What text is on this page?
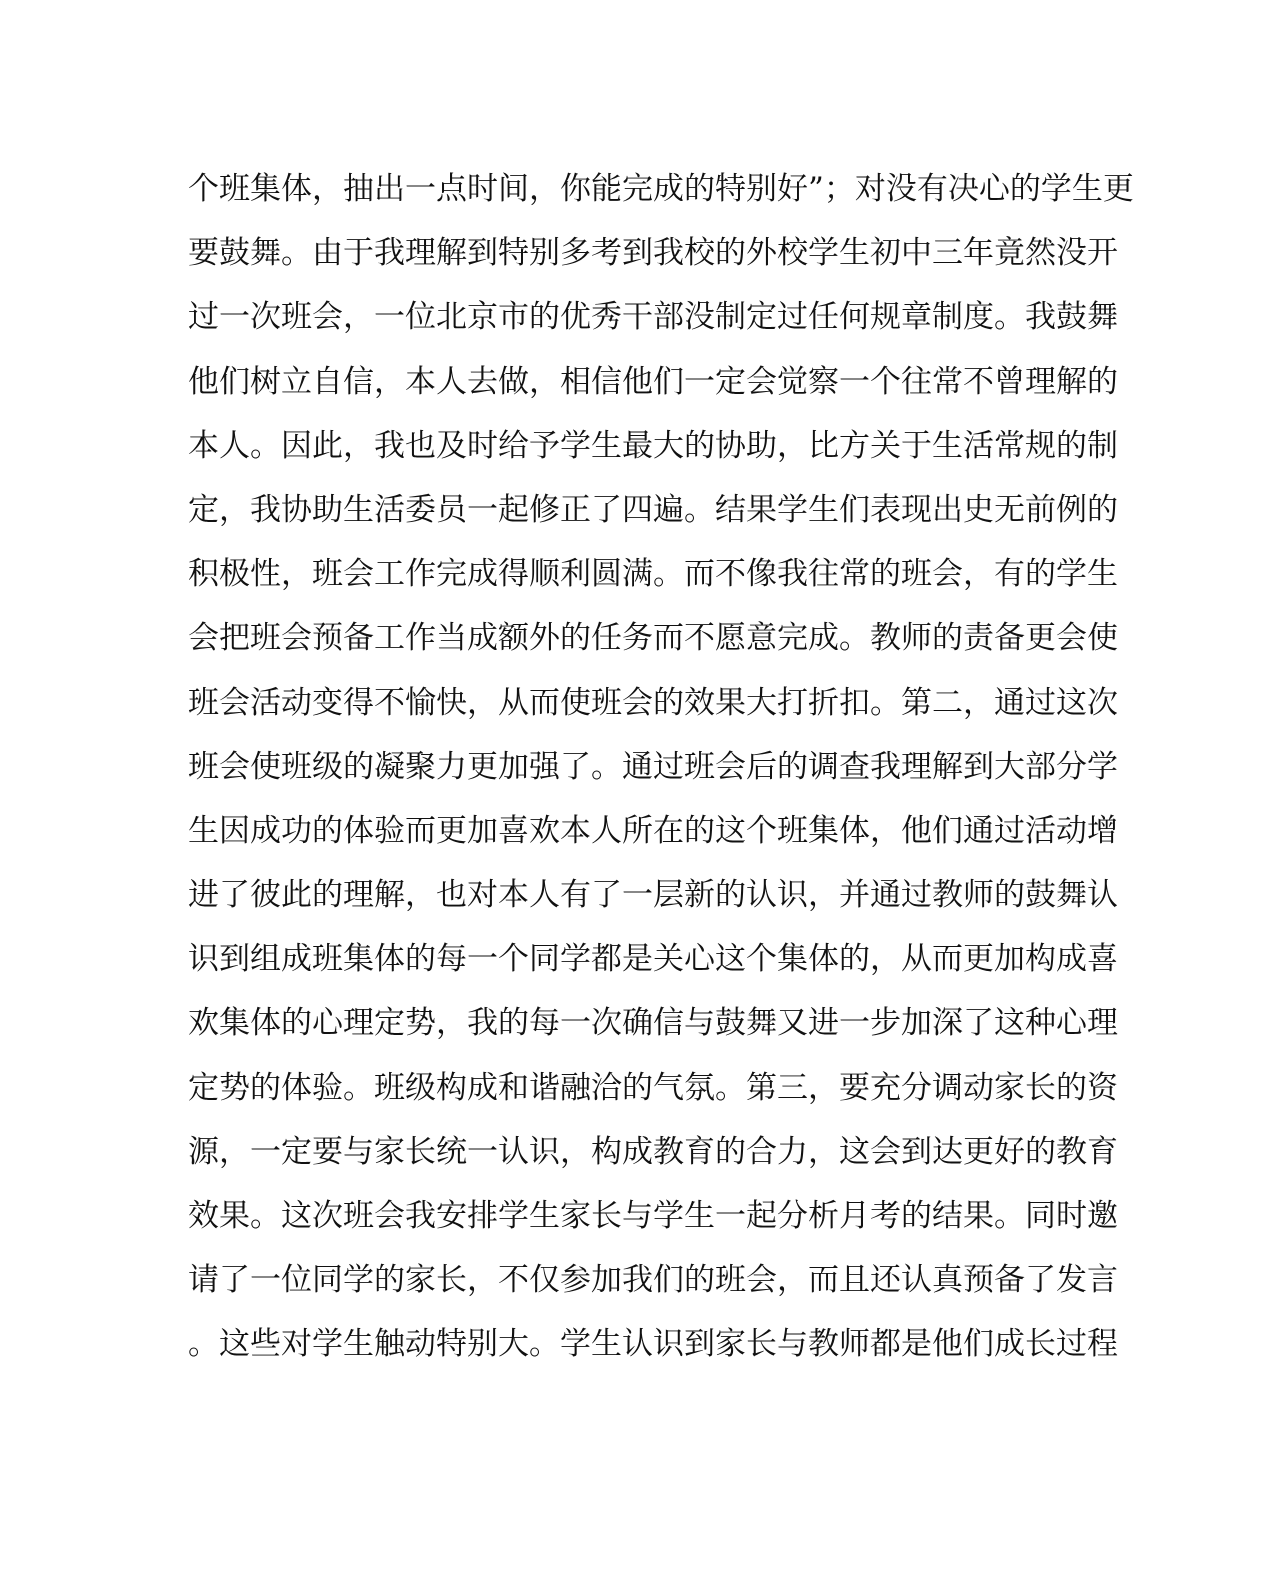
个班集体，抽出一点时间，你能完成的特别好”；对没有决心的学生更
要鼓舞。由于我理解到特别多考到我校的外校学生初中三年竟然没开
过一次班会，一位北京市的优秀干部没制定过任何规章制度。我鼓舞
他们树立自信，本人去做，相信他们一定会觉察一个往常不曾理解的
本人。因此，我也及时给予学生最大的协助，比方关于生活常规的制
定，我协助生活委员一起修正了四遍。结果学生们表现出史无前例的
积极性，班会工作完成得顺利圆满。而不像我往常的班会，有的学生
会把班会预备工作当成额外的任务而不愿意完成。教师的责备更会使
班会活动变得不愉快，从而使班会的效果大打折扣。第二，通过这次
班会使班级的凝聚力更加强了。通过班会后的调查我理解到大部分学
生因成功的体验而更加喜欢本人所在的这个班集体，他们通过活动增
进了彼此的理解，也对本人有了一层新的认识，并通过教师的鼓舞认
识到组成班集体的每一个同学都是关心这个集体的，从而更加构成喜
欢集体的心理定势，我的每一次确信与鼓舞又进一步加深了这种心理
定势的体验。班级构成和谐融洽的气氛。第三，要充分调动家长的资
源，一定要与家长统一认识，构成教育的合力，这会到达更好的教育
效果。这次班会我安排学生家长与学生一起分析月考的结果。同时邀
请了一位同学的家长，不仅参加我们的班会，而且还认真预备了发言
。这些对学生触动特别大。学生认识到家长与教师都是他们成长过程
